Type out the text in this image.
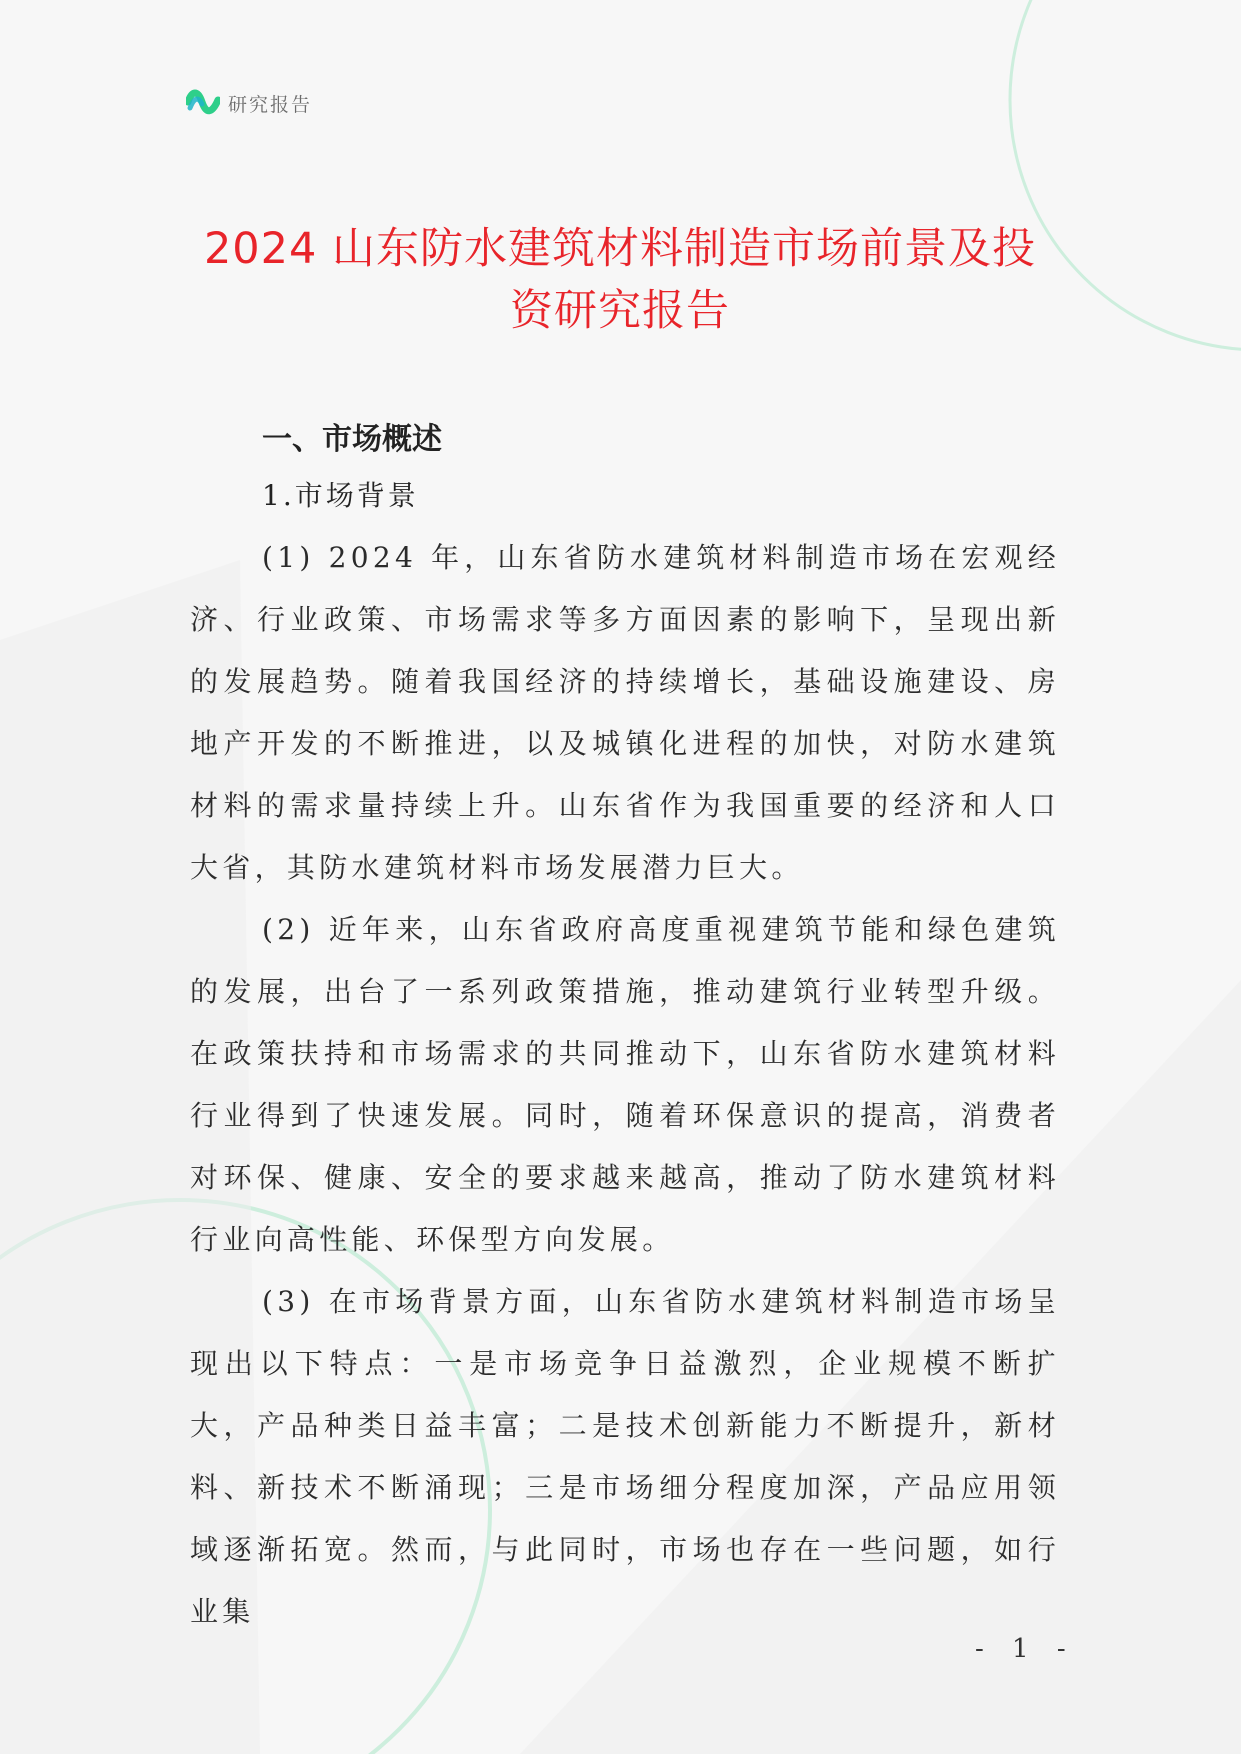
研究报告
2024 山东防水建筑材料制造市场前景及投
资研究报告
一、市场概述
1.市场背景

(1) 2024 年，山东省防水建筑材料制造市场在宏观经济、行业政策、市场需求等多方面因素的影响下，呈现出新的发展趋势。随着我国经济的持续增长，基础设施建设、房地产开发的不断推进，以及城镇化进程的加快，对防水建筑材料的需求量持续上升。山东省作为我国重要的经济和人口大省，其防水建筑材料市场发展潜力巨大。

(2) 近年来，山东省政府高度重视建筑节能和绿色建筑的发展，出台了一系列政策措施，推动建筑行业转型升级。在政策扶持和市场需求的共同推动下，山东省防水建筑材料行业得到了快速发展。同时，随着环保意识的提高，消费者对环保、健康、安全的要求越来越高，推动了防水建筑材料行业向高性能、环保型方向发展。

(3) 在市场背景方面，山东省防水建筑材料制造市场呈现出以下特点：一是市场竞争日益激烈，企业规模不断扩大，产品种类日益丰富；二是技术创新能力不断提升，新材料、新技术不断涌现；三是市场细分程度加深，产品应用领域逐渐拓宽。然而，与此同时，市场也存在一些问题，如行业集

- 1 -
